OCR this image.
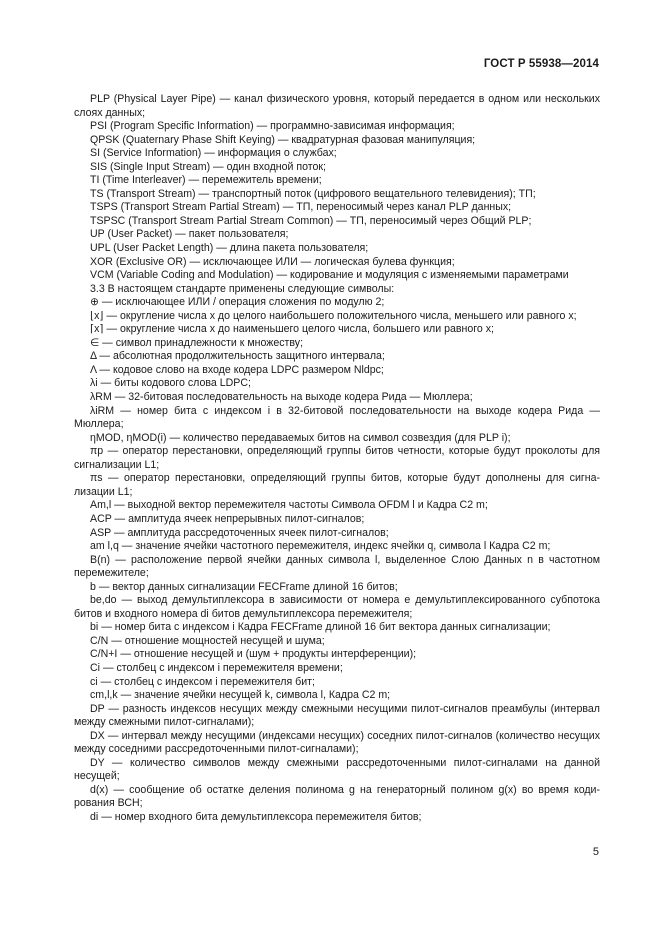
ГОСТ Р 55938—2014

PLP (Physical Layer Pipe) — канал физического уровня, который передается в одном или нескольких слоях данных;

PSI (Program Specific Information) — программно-зависимая информация;

QPSK (Quaternary Phase Shift Keying) — квадратурная фазовая манипуляция;

SI (Service Information) — информация о службах;

SIS (Single Input Stream) — один входной поток;

TI (Time Interleaver) — перемежитель времени;

TS (Transport Stream) — транспортный поток (цифрового вещательного телевидения); ТП;

TSPS (Transport Stream Partial Stream) — ТП, переносимый через канал PLP данных;

TSPSC (Transport Stream Partial Stream Common) — ТП, переносимый через Общий PLP;

UP (User Packet) — пакет пользователя;

UPL (User Packet Length) — длина пакета пользователя;

XOR (Exclusive OR) — исключающее ИЛИ — логическая булева функция;

VCM (Variable Coding and Modulation) — кодирование и модуляция с изменяемыми параметрами

3.3 В настоящем стандарте применены следующие символы:

⊕ — исключающее ИЛИ / операция сложения по модулю 2;

⌊x⌋ — округление числа x до целого наибольшего положительного числа, меньшего или равного x;

⌈x⌉ — округление числа x до наименьшего целого числа, большего или равного x;

∈ — символ принадлежности к множеству;

Δ — абсолютная продолжительность защитного интервала;

Λ — кодовое слово на входе кодера LDPC размером Nldpc;

λi — биты кодового слова LDPC;

λRM — 32-битовая последовательность на выходе кодера Рида — Мюллера;

λiRM — номер бита с индексом i в 32-битовой последовательности на выходе кодера Рида — Мюллера;

ηMOD, ηMOD(i) — количество передаваемых битов на символ созвездия (для PLP i);

πp — оператор перестановки, определяющий группы битов четности, которые будут проколоты для сигнализации L1;

πs — оператор перестановки, определяющий группы битов, которые будут дополнены для сигнализации L1;

Am,l — выходной вектор перемежителя частоты Символа OFDM l и Кадра С2 m;

ACP — амплитуда ячеек непрерывных пилот-сигналов;

ASP — амплитуда рассредоточенных ячеек пилот-сигналов;

am l,q — значение ячейки частотного перемежителя, индекс ячейки q, символа l Кадра С2 m;

B(n) — расположение первой ячейки данных символа l, выделенное Слою Данных n в частотном перемежителе;

b — вектор данных сигнализации FECFrame длиной 16 битов;

be,do — выход демультиплексора в зависимости от номера e демультиплексированного субпотока битов и входного номера di битов демультиплексора перемежителя;

bi — номер бита с индексом i Кадра FECFrame длиной 16 бит вектора данных сигнализации;

C/N — отношение мощностей несущей и шума;

C/N+I — отношение несущей и (шум + продукты интерференции);

Ci — столбец с индексом i перемежителя времени;

ci — столбец с индексом i перемежителя бит;

cm,l,k — значение ячейки несущей k, символа l, Кадра С2 m;

DP — разность индексов несущих между смежными несущими пилот-сигналов преамбулы (интервал между смежными пилот-сигналами);

DX — интервал между несущими (индексами несущих) соседних пилот-сигналов (количество несущих между соседними рассредоточенными пилот-сигналами);

DY — количество символов между смежными рассредоточенными пилот-сигналами на данной несущей;

d(x) — сообщение об остатке деления полинома g на генераторный полином g(x) во время кодирования ВСН;

di — номер входного бита демультиплексора перемежителя битов;

5
